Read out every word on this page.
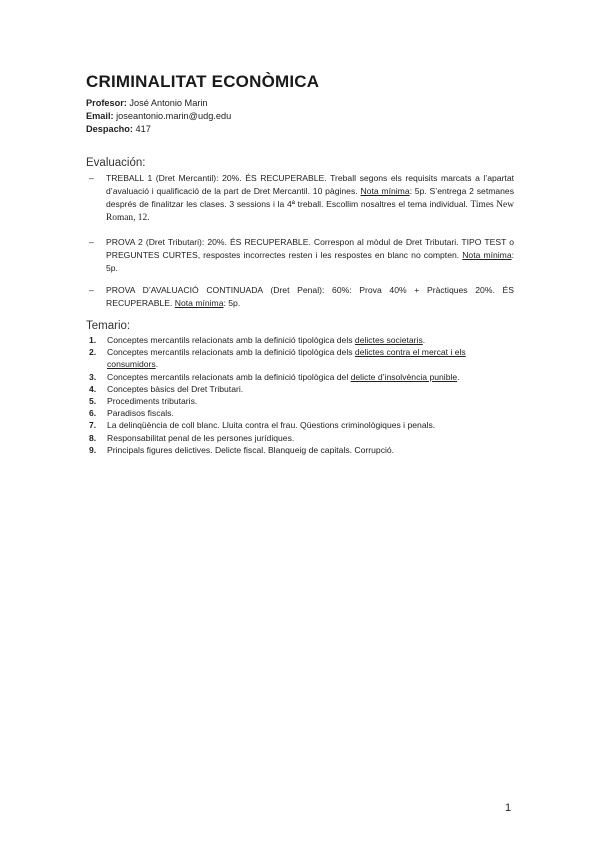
CRIMINALITAT ECONÒMICA
Profesor: José Antonio Marin
Email: joseantonio.marin@udg.edu
Despacho: 417
Evaluación:
– TREBALL 1 (Dret Mercantil): 20%. ÉS RECUPERABLE. Treball segons els requisits marcats a l’apartat d’avaluació i qualificació de la part de Dret Mercantil. 10 pàgines. Nota mínima: 5p. S’entrega 2 setmanes després de finalitzar les clases. 3 sessions i la 4ª treball. Escollim nosaltres el tema individual. Times New Roman, 12.
– PROVA 2 (Dret Tributari): 20%. ÉS RECUPERABLE. Correspon al mòdul de Dret Tributari. TIPO TEST o PREGUNTES CURTES, respostes incorrectes resten i les respostes en blanc no compten. Nota mínima: 5p.
– PROVA D’AVALUACIÓ CONTINUADA (Dret Penal): 60%: Prova 40% + Pràctiques 20%. ÉS RECUPERABLE. Nota mínima: 5p.
Temario:
1. Conceptes mercantils relacionats amb la definició tipològica dels delictes societaris.
2. Conceptes mercantils relacionats amb la definició tipològica dels delictes contra el mercat i els consumidors.
3. Conceptes mercantils relacionats amb la definició tipològica del delicte d’insolvència punible.
4. Conceptes bàsics del Dret Tributari.
5. Procediments tributaris.
6. Paradisos fiscals.
7. La delinqüència de coll blanc. Lluita contra el frau. Qüestions criminològiques i penals.
8. Responsabilitat penal de les persones jurídiques.
9. Principals figures delictives. Delicte fiscal. Blanqueig de capitals. Corrupció.
1
